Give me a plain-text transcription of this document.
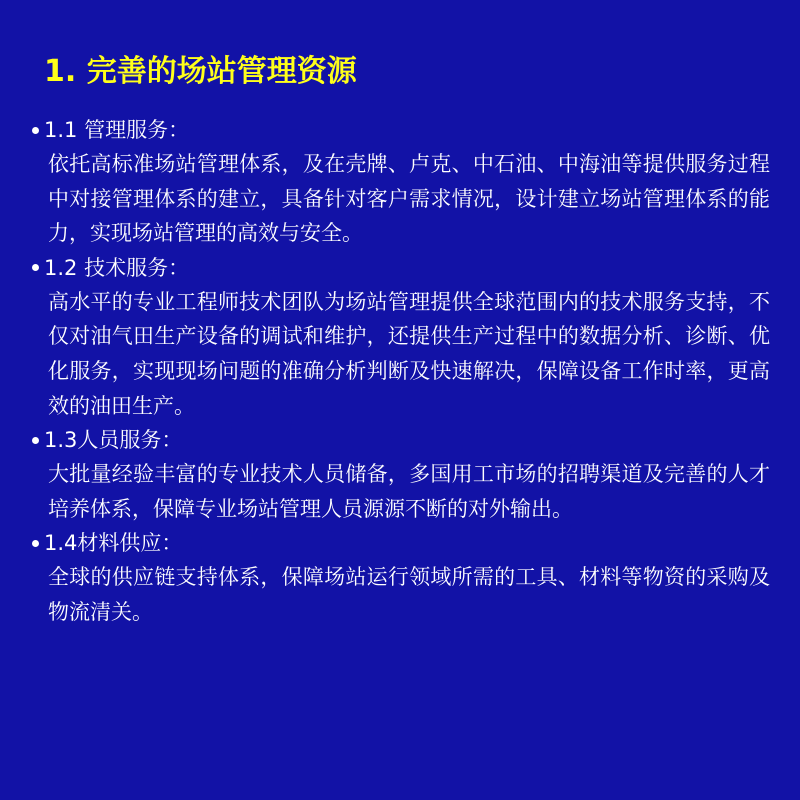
1. 完善的场站管理资源
1.1 管理服务：
依托高标准场站管理体系，及在壳牌、卢克、中石油、中海油等提供服务过程中对接管理体系的建立，具备针对客户需求情况，设计建立场站管理体系的能力，实现场站管理的高效与安全。
1.2 技术服务：
高水平的专业工程师技术团队为场站管理提供全球范围内的技术服务支持，不仅对油气田生产设备的调试和维护，还提供生产过程中的数据分析、诊断、优化服务，实现现场问题的准确分析判断及快速解决，保障设备工作时率，更高效的油田生产。
1.3人员服务：
大批量经验丰富的专业技术人员储备，多国用工市场的招聘渠道及完善的人才培养体系，保障专业场站管理人员源源不断的对外输出。
1.4材料供应：
全球的供应链支持体系，保障场站运行领域所需的工具、材料等物资的采购及物流清关。
